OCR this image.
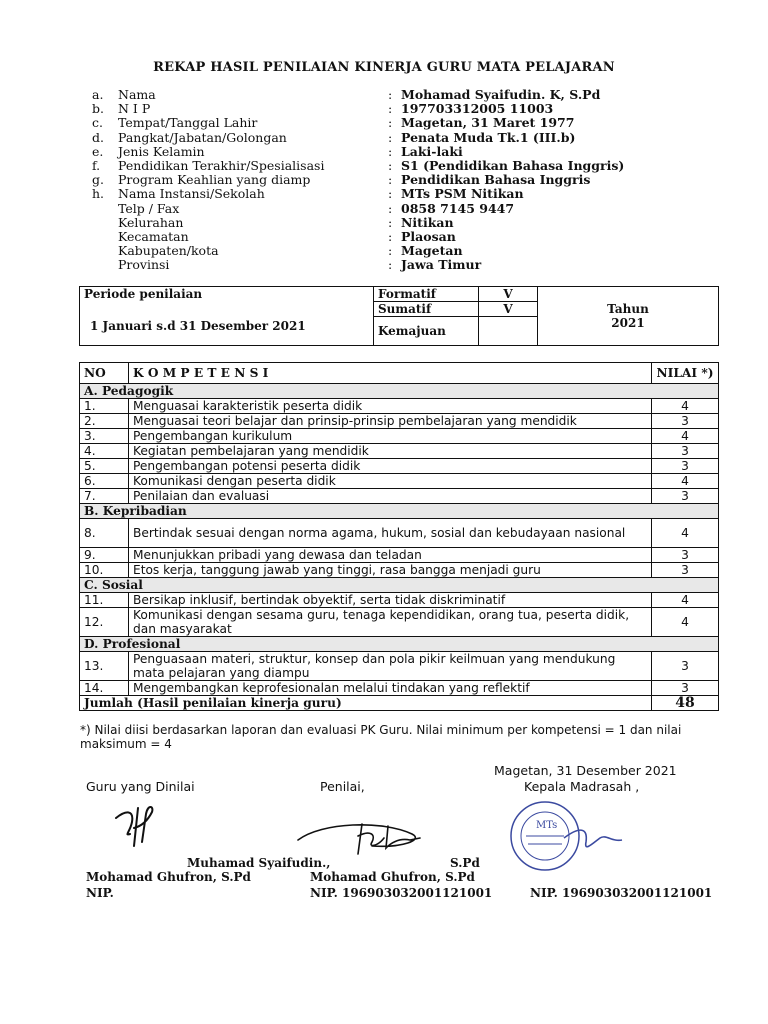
REKAP HASIL PENILAIAN KINERJA GURU MATA PELAJARAN
a.	Nama	: Mohamad Syaifudin. K, S.Pd
b.	N I P	: 197703312005 11003
c.	Tempat/Tanggal Lahir	: Magetan, 31 Maret 1977
d.	Pangkat/Jabatan/Golongan	: Penata Muda Tk.1 (III.b)
e.	Jenis Kelamin	: Laki-laki
f.	Pendidikan Terakhir/Spesialisasi	: S1 (Pendidikan Bahasa Inggris)
g.	Program Keahlian yang diamp	: Pendidikan Bahasa Inggris
h.	Nama Instansi/Sekolah	: MTs PSM Nitikan
Telp / Fax	: 0858 7145 9447
Kelurahan	: Nitikan
Kecamatan	: Plaosan
Kabupaten/kota	: Magetan
Provinsi	: Jawa Timur
Periode penilaian	Formatif	V	Tahun
2021

1 Januari s.d 31 Desember 2021	Sumatif	V	
	Kemajuan		
NO	K O M P E T E N S I	NILAI *)
A. Pedagogik		
1.	Menguasai karakteristik peserta didik	4
2.	Menguasai teori belajar dan prinsip-prinsip pembelajaran yang mendidik	3
3.	Pengembangan kurikulum	4
4.	Kegiatan pembelajaran yang mendidik	3
5.	Pengembangan potensi peserta didik	3
6.	Komunikasi dengan peserta didik	4
7.	Penilaian dan evaluasi	3
B. Kepribadian		
8.	Bertindak sesuai dengan norma agama, hukum, sosial dan kebudayaan nasional	4
9.	Menunjukkan pribadi yang dewasa dan teladan	3
10.	Etos kerja, tanggung jawab yang tinggi, rasa bangga menjadi guru	3
C. Sosial		
11.	Bersikap inklusif, bertindak obyektif, serta tidak diskriminatif	4
12.	Komunikasi dengan sesama guru, tenaga kependidikan, orang tua, peserta didik, dan masyarakat	4
D. Profesional		
13.	Penguasaan materi, struktur, konsep dan pola pikir keilmuan yang mendukung mata pelajaran yang diampu	3
14.	Mengembangkan keprofesionalan melalui tindakan yang reflektif	3
Jumlah (Hasil penilaian kinerja guru)		48
*) Nilai diisi berdasarkan laporan dan evaluasi PK Guru. Nilai minimum per kompetensi = 1 dan nilai maksimum = 4
Magetan, 31 Desember 2021
Guru yang Dinilai	Penilai,	Kepala Madrasah ,
MTs
Muhamad Syaifudin.,	S.Pd
Mohamad Ghufron, S.Pd	Mohamad Ghufron, S.Pd
NIP.	NIP. 196903032001121001	NIP. 196903032001121001
